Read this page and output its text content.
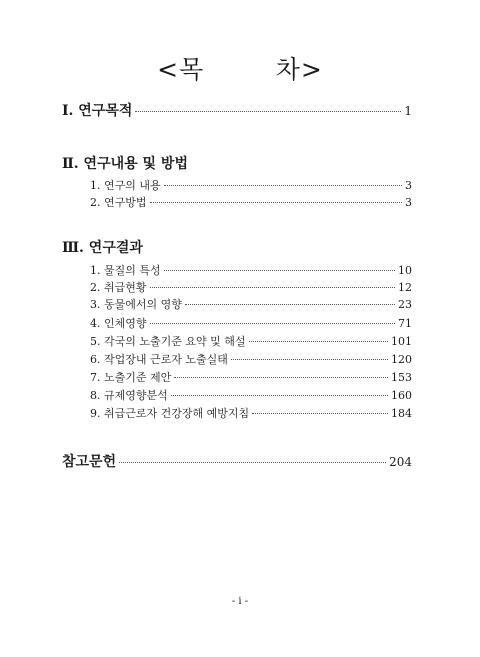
<목        차>
Ⅰ. 연구목적	1
Ⅱ. 연구내용 및 방법
1. 연구의 내용	3
2. 연구방법	3
Ⅲ. 연구결과
1. 물질의 특성	10
2. 취급현황	12
3. 동물에서의 영향	23
4. 인체영향	71
5. 각국의 노출기준 요약 및 해설	101
6. 작업장내 근로자 노출실태	120
7. 노출기준 제안	153
8. 규제영향분석	160
9. 취급근로자 건강장해 예방지침	184
참고문헌	204
- i -
